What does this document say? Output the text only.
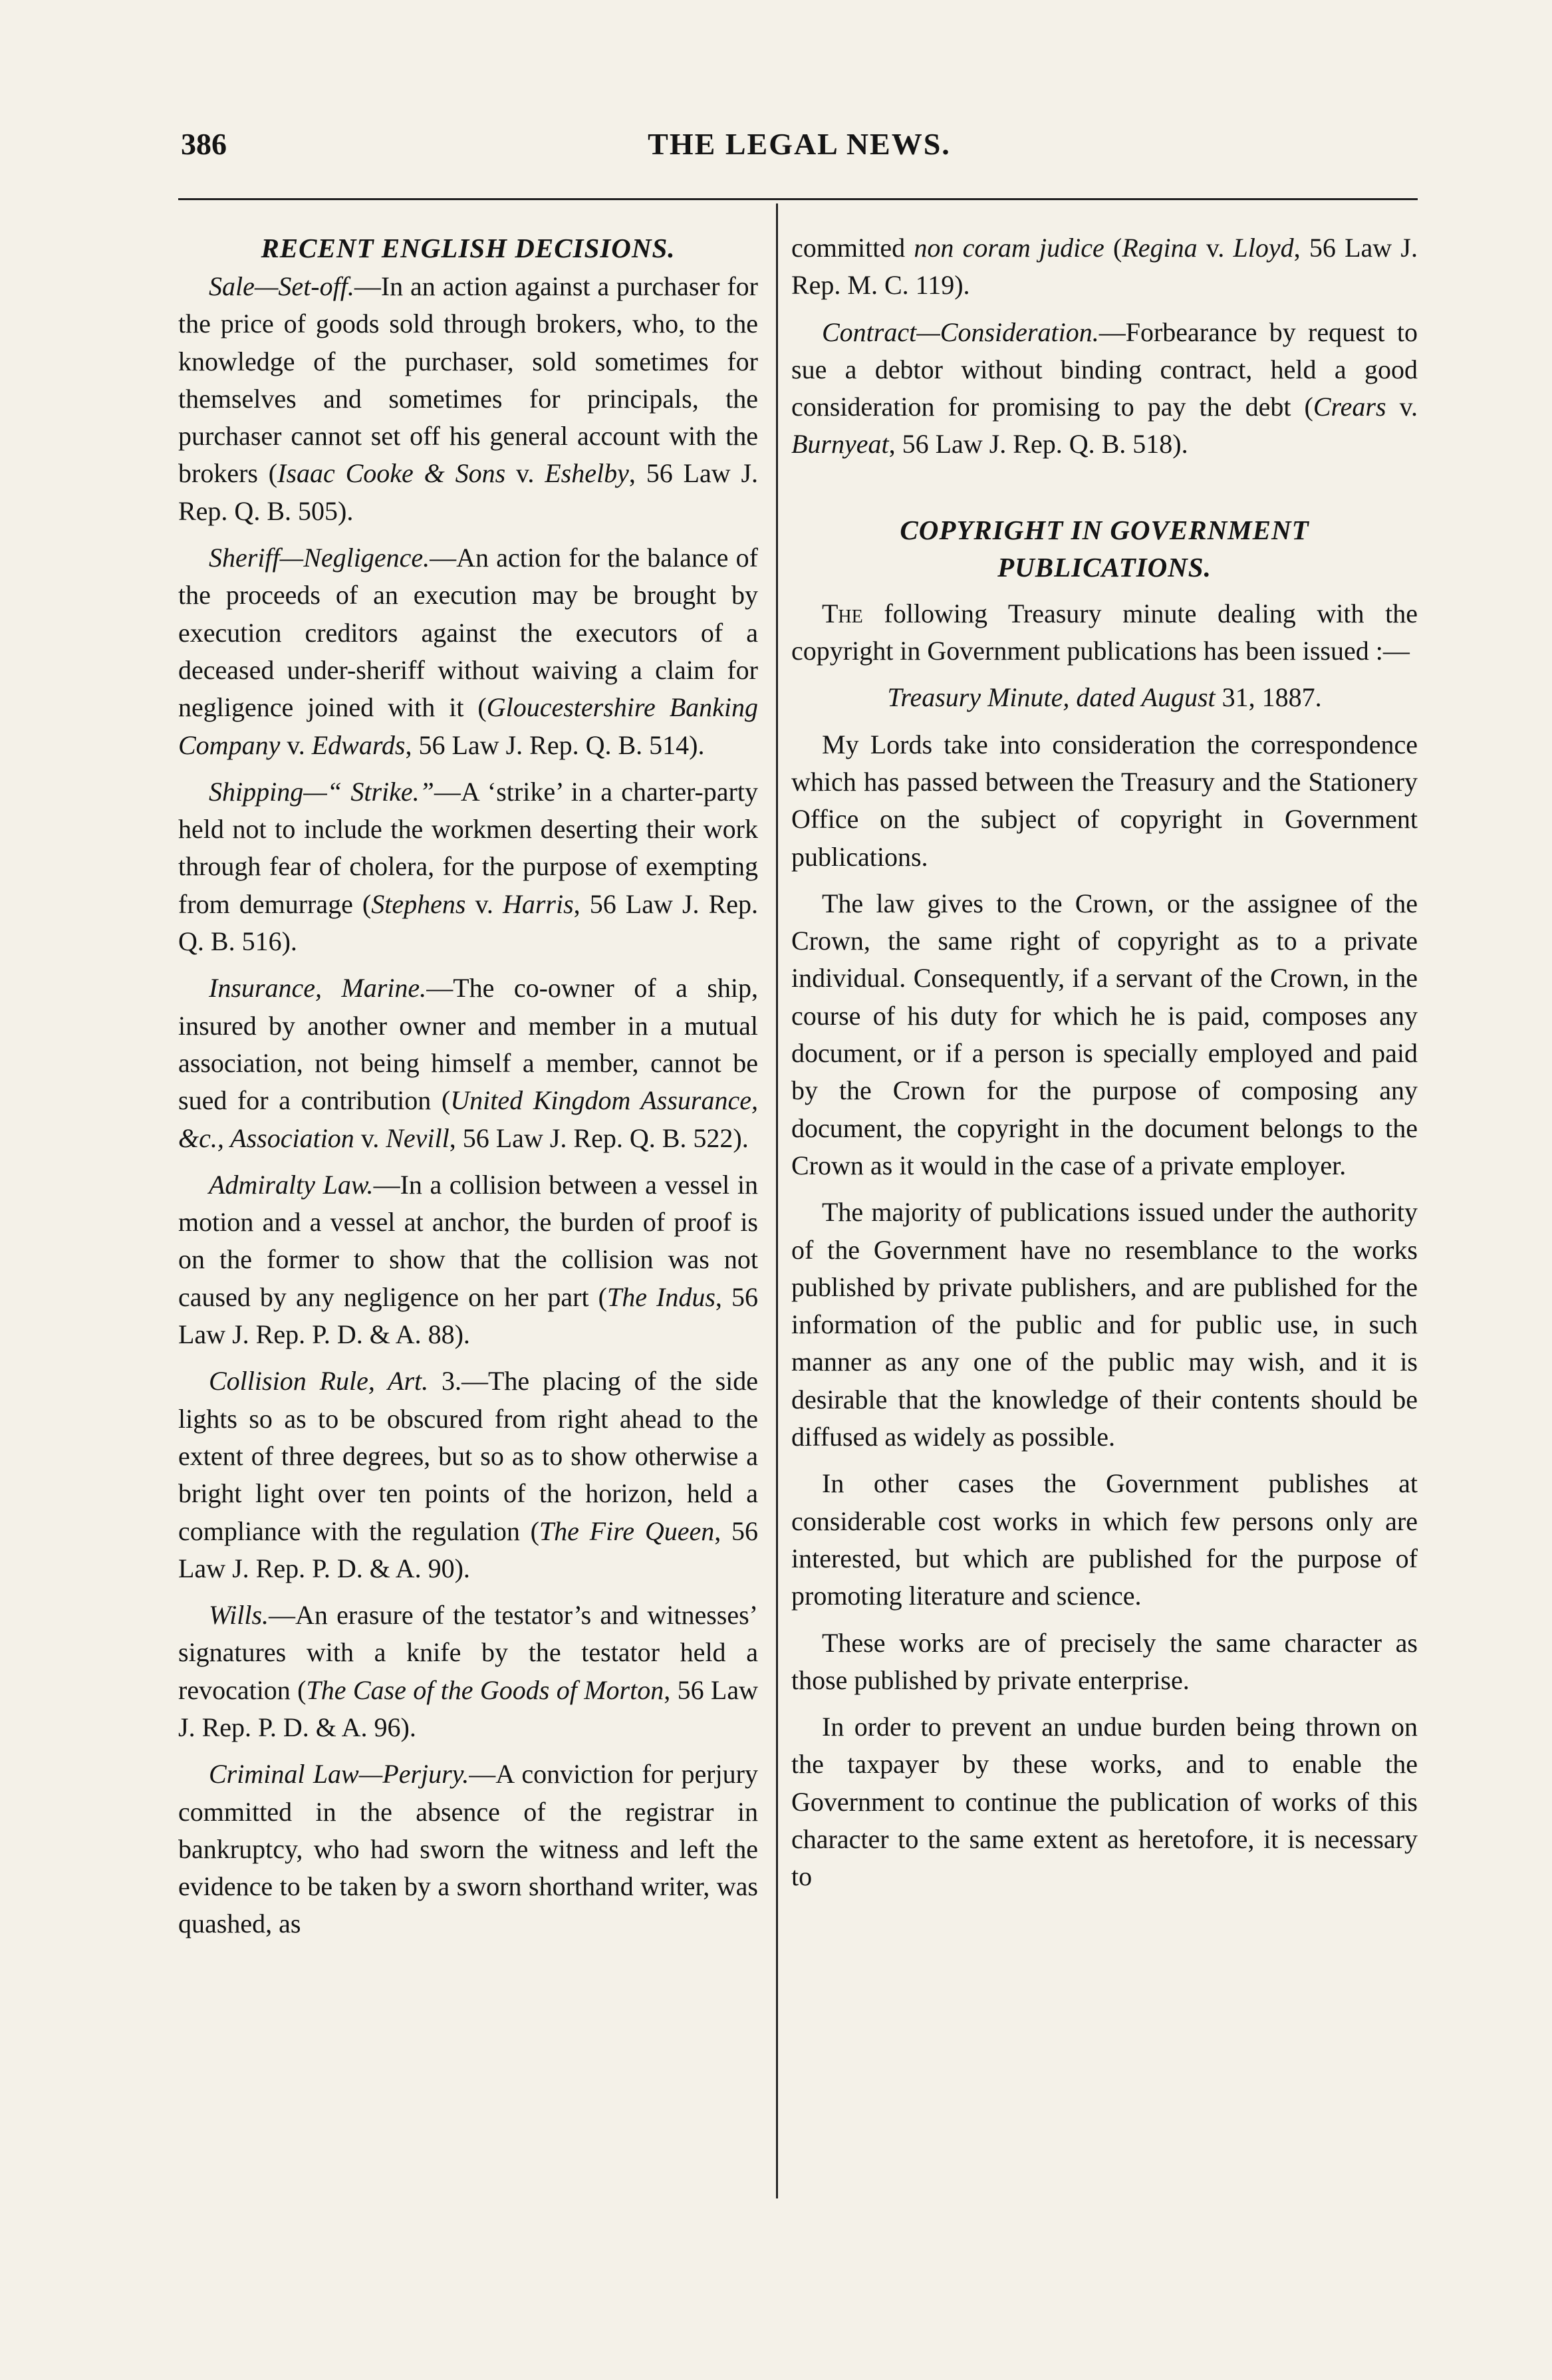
386	THE LEGAL NEWS.
RECENT ENGLISH DECISIONS.

Sale—Set-off.—In an action against a purchaser for the price of goods sold through brokers, who, to the knowledge of the purchaser, sold sometimes for themselves and sometimes for principals, the purchaser cannot set off his general account with the brokers (Isaac Cooke & Sons v. Eshelby, 56 Law J. Rep. Q. B. 505).

Sheriff—Negligence.—An action for the balance of the proceeds of an execution may be brought by execution creditors against the executors of a deceased under-sheriff without waiving a claim for negligence joined with it (Gloucestershire Banking Company v. Edwards, 56 Law J. Rep. Q. B. 514).

Shipping—“ Strike.”—A ‘strike’ in a charter-party held not to include the workmen deserting their work through fear of cholera, for the purpose of exempting from demurrage (Stephens v. Harris, 56 Law J. Rep. Q. B. 516).

Insurance, Marine.—The co-owner of a ship, insured by another owner and member in a mutual association, not being himself a member, cannot be sued for a contribution (United Kingdom Assurance, &c., Association v. Nevill, 56 Law J. Rep. Q. B. 522).

Admiralty Law.—In a collision between a vessel in motion and a vessel at anchor, the burden of proof is on the former to show that the collision was not caused by any negligence on her part (The Indus, 56 Law J. Rep. P. D. & A. 88).

Collision Rule, Art. 3.—The placing of the side lights so as to be obscured from right ahead to the extent of three degrees, but so as to show otherwise a bright light over ten points of the horizon, held a compliance with the regulation (The Fire Queen, 56 Law J. Rep. P. D. & A. 90).

Wills.—An erasure of the testator’s and witnesses’ signatures with a knife by the testator held a revocation (The Case of the Goods of Morton, 56 Law J. Rep. P. D. & A. 96).

Criminal Law—Perjury.—A conviction for perjury committed in the absence of the registrar in bankruptcy, who had sworn the witness and left the evidence to be taken by a sworn shorthand writer, was quashed, as

committed non coram judice (Regina v. Lloyd, 56 Law J. Rep. M. C. 119).

Contract—Consideration.—Forbearance by request to sue a debtor without binding contract, held a good consideration for promising to pay the debt (Crears v. Burnyeat, 56 Law J. Rep. Q. B. 518).

COPYRIGHT IN GOVERNMENT PUBLICATIONS.

The following Treasury minute dealing with the copyright in Government publications has been issued :—

Treasury Minute, dated August 31, 1887.

My Lords take into consideration the correspondence which has passed between the Treasury and the Stationery Office on the subject of copyright in Government publications.

The law gives to the Crown, or the assignee of the Crown, the same right of copyright as to a private individual. Consequently, if a servant of the Crown, in the course of his duty for which he is paid, composes any document, or if a person is specially employed and paid by the Crown for the purpose of composing any document, the copyright in the document belongs to the Crown as it would in the case of a private employer.

The majority of publications issued under the authority of the Government have no resemblance to the works published by private publishers, and are published for the information of the public and for public use, in such manner as any one of the public may wish, and it is desirable that the knowledge of their contents should be diffused as widely as possible.

In other cases the Government publishes at considerable cost works in which few persons only are interested, but which are published for the purpose of promoting literature and science.

These works are of precisely the same character as those published by private enterprise.

In order to prevent an undue burden being thrown on the taxpayer by these works, and to enable the Government to continue the publication of works of this character to the same extent as heretofore, it is necessary to
